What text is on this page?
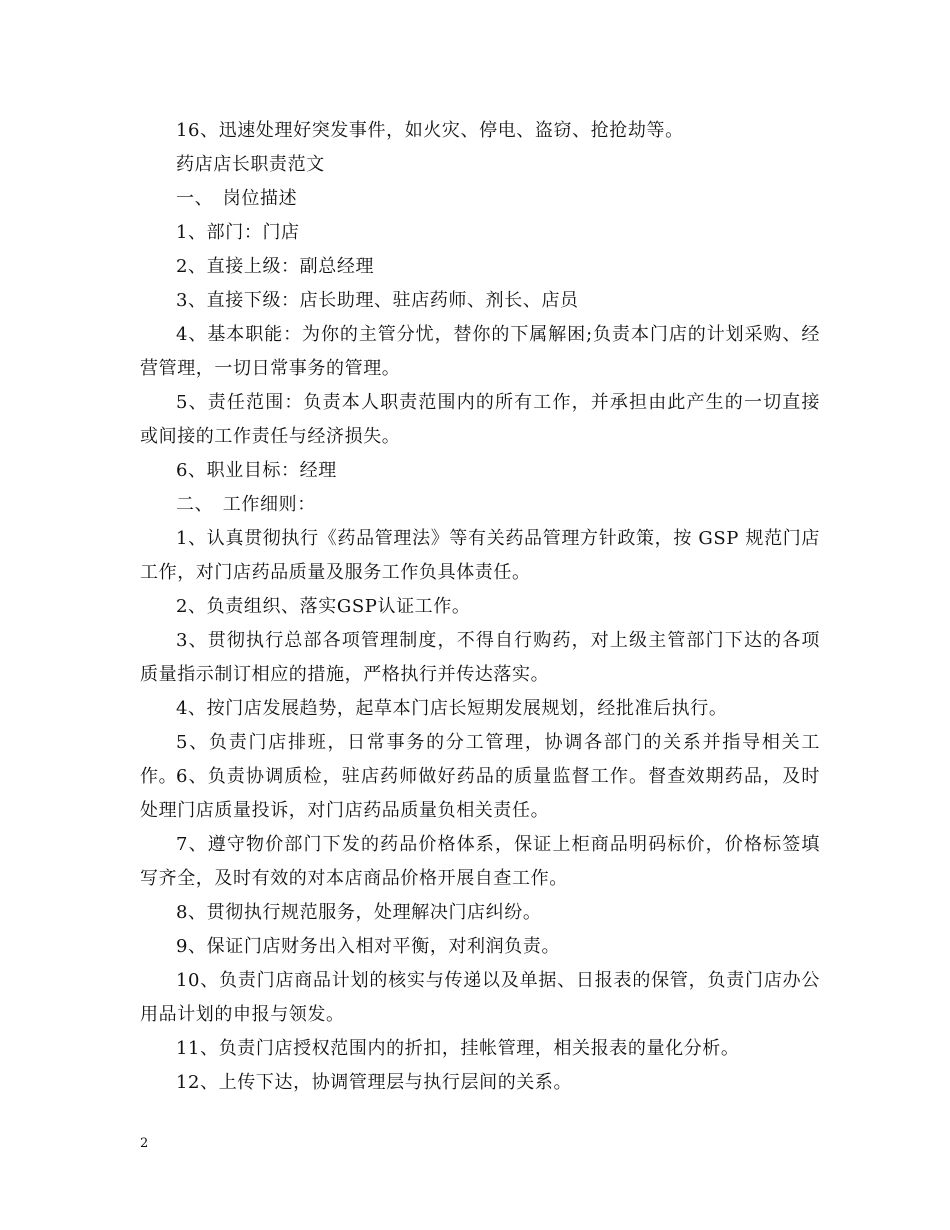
16、迅速处理好突发事件，如火灾、停电、盗窃、抢抢劫等。

药店店长职责范文

一、　岗位描述

1、部门：门店

2、直接上级：副总经理

3、直接下级：店长助理、驻店药师、剂长、店员

4、基本职能：为你的主管分忧，替你的下属解困;负责本门店的计划采购、经营管理，一切日常事务的管理。

5、责任范围：负责本人职责范围内的所有工作，并承担由此产生的一切直接或间接的工作责任与经济损失。

6、职业目标：经理

二、　工作细则：

1、认真贯彻执行《药品管理法》等有关药品管理方针政策，按 GSP 规范门店工作，对门店药品质量及服务工作负具体责任。

2、负责组织、落实GSP认证工作。

3、贯彻执行总部各项管理制度，不得自行购药，对上级主管部门下达的各项质量指示制订相应的措施，严格执行并传达落实。

4、按门店发展趋势，起草本门店长短期发展规划，经批准后执行。

5、负责门店排班，日常事务的分工管理，协调各部门的关系并指导相关工作。

6、负责协调质检，驻店药师做好药品的质量监督工作。督查效期药品，及时处理门店质量投诉，对门店药品质量负相关责任。

7、遵守物价部门下发的药品价格体系，保证上柜商品明码标价，价格标签填写齐全，及时有效的对本店商品价格开展自查工作。

8、贯彻执行规范服务，处理解决门店纠纷。

9、保证门店财务出入相对平衡，对利润负责。

10、负责门店商品计划的核实与传递以及单据、日报表的保管，负责门店办公用品计划的申报与领发。

11、负责门店授权范围内的折扣，挂帐管理，相关报表的量化分析。

12、上传下达，协调管理层与执行层间的关系。

2
